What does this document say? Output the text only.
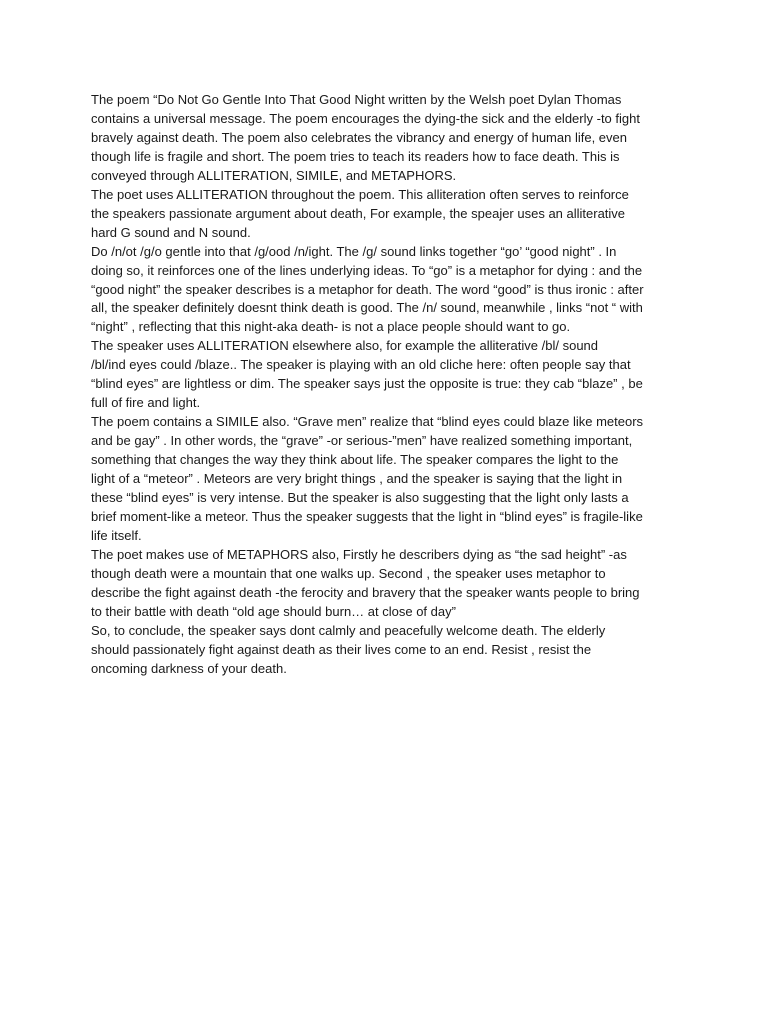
The poem “Do Not Go Gentle Into That Good Night written by the Welsh poet Dylan Thomas
contains a universal message. The poem encourages the dying-the sick and the elderly -to fight
bravely against death. The poem also celebrates the vibrancy and energy of human life, even
though life is fragile and short. The poem tries to teach its readers how to face death. This is
conveyed through ALLITERATION, SIMILE, and METAPHORS.

The poet uses ALLITERATION throughout the poem. This alliteration often serves to reinforce
the speakers passionate argument about death, For example, the speajer uses an alliterative
hard G sound and N sound.

Do /n/ot /g/o gentle into that /g/ood /n/ight. The /g/ sound links together “go’ “good night” . In
doing so, it reinforces one of the lines underlying ideas. To “go” is a metaphor for dying : and the
“good night” the speaker describes is a metaphor for death. The word “good” is thus ironic : after
all, the speaker definitely doesnt think death is good. The /n/ sound, meanwhile , links “not “ with
“night” , reflecting that this night-aka death- is not a place people should want to go.

The speaker uses ALLITERATION elsewhere also, for example the alliterative /bl/ sound
/bl/ind eyes could /blaze.. The speaker is playing with an old cliche here: often people say that
“blind eyes” are lightless or dim. The speaker says just the opposite is true: they cab “blaze” , be
full of fire and light.

The poem contains a SIMILE also. “Grave men” realize that “blind eyes could blaze like meteors
and be gay” . In other words, the “grave” -or serious-”men” have realized something important,
something that changes the way they think about life. The speaker compares the light to the
light of a “meteor” . Meteors are very bright things , and the speaker is saying that the light in
these “blind eyes” is very intense. But the speaker is also suggesting that the light only lasts a
brief moment-like a meteor. Thus the speaker suggests that the light in “blind eyes” is fragile-like
life itself.

The poet makes use of METAPHORS also, Firstly he describers dying as “the sad height” -as
though death were a mountain that one walks up. Second , the speaker uses metaphor to
describe the fight against death -the ferocity and bravery that the speaker wants people to bring
to their battle with death “old age should burn… at close of day”

So, to conclude, the speaker says dont calmly and peacefully welcome death. The elderly
should passionately fight against death as their lives come to an end. Resist , resist the
oncoming darkness of your death.
